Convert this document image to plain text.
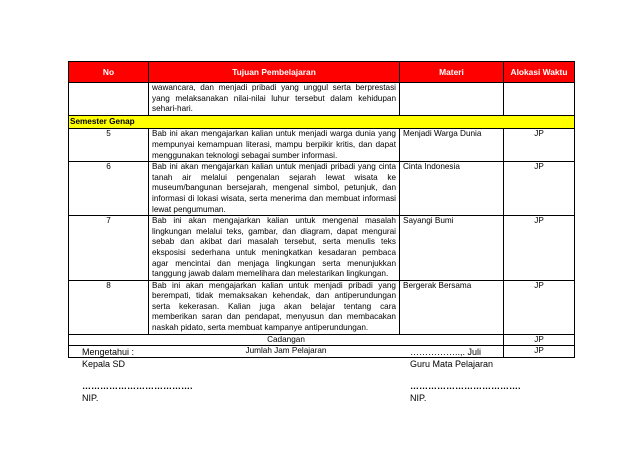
No	Tujuan Pembelajaran	Materi	Alokasi Waktu
	wawancara, dan menjadi pribadi yang unggul serta berprestasi yang melaksanakan nilai-nilai luhur tersebut dalam kehidupan sehari-hari.		
Semester Genap			
5	Bab ini akan mengajarkan kalian untuk menjadi warga dunia yang mempunyai kemampuan literasi, mampu berpikir kritis, dan dapat menggunakan teknologi sebagai sumber informasi.	Menjadi Warga Dunia	JP
6	Bab ini akan mengajarkan kalian untuk menjadi pribadi yang cinta tanah air melalui pengenalan sejarah lewat wisata ke museum/bangunan bersejarah, mengenal simbol, petunjuk, dan informasi di lokasi wisata, serta menerima dan membuat informasi lewat pengumuman.	Cinta Indonesia	JP
7	Bab ini akan mengajarkan kalian untuk mengenal masalah lingkungan melalui teks, gambar, dan diagram, dapat mengurai sebab dan akibat dari masalah tersebut, serta menulis teks eksposisi sederhana untuk meningkatkan kesadaran pembaca agar mencintai dan menjaga lingkungan serta menunjukkan tanggung jawab dalam memelihara dan melestarikan lingkungan.	Sayangi Bumi	JP
8	Bab ini akan mengajarkan kalian untuk menjadi pribadi yang berempati, tidak memaksakan kehendak, dan antiperundungan serta kekerasan. Kalian juga akan belajar tentang cara memberikan saran dan pendapat, menyusun dan membacakan naskah pidato, serta membuat kampanye antiperundungan.	Bergerak Bersama	JP
Cadangan			JP
Jumlah Jam Pelajaran			JP
Mengetahui :
Kepala SD
……………………………….
NIP.
……………..,. Juli
Guru Mata Pelajaran
……………………………….
NIP.
